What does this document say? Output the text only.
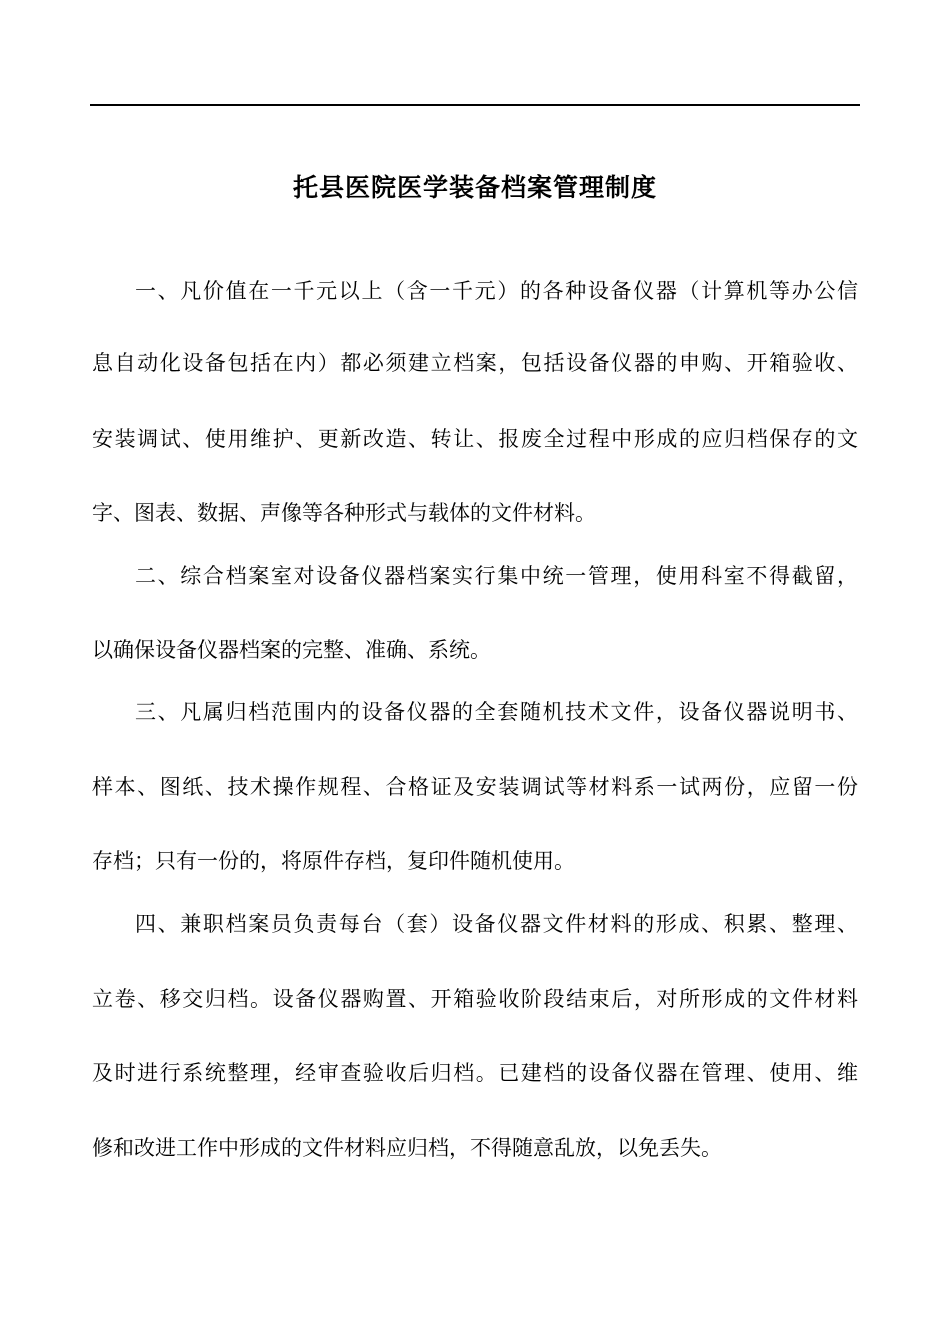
托县医院医学装备档案管理制度
一、凡价值在一千元以上（含一千元）的各种设备仪器（计算机等办公信
息自动化设备包括在内）都必须建立档案，包括设备仪器的申购、开箱验收、
安装调试、使用维护、更新改造、转让、报废全过程中形成的应归档保存的文
字、图表、数据、声像等各种形式与载体的文件材料。
二、综合档案室对设备仪器档案实行集中统一管理，使用科室不得截留，
以确保设备仪器档案的完整、准确、系统。
三、凡属归档范围内的设备仪器的全套随机技术文件，设备仪器说明书、
样本、图纸、技术操作规程、合格证及安装调试等材料系一试两份，应留一份
存档；只有一份的，将原件存档，复印件随机使用。
四、兼职档案员负责每台（套）设备仪器文件材料的形成、积累、整理、
立卷、移交归档。设备仪器购置、开箱验收阶段结束后，对所形成的文件材料
及时进行系统整理，经审查验收后归档。已建档的设备仪器在管理、使用、维
修和改进工作中形成的文件材料应归档，不得随意乱放，以免丢失。
